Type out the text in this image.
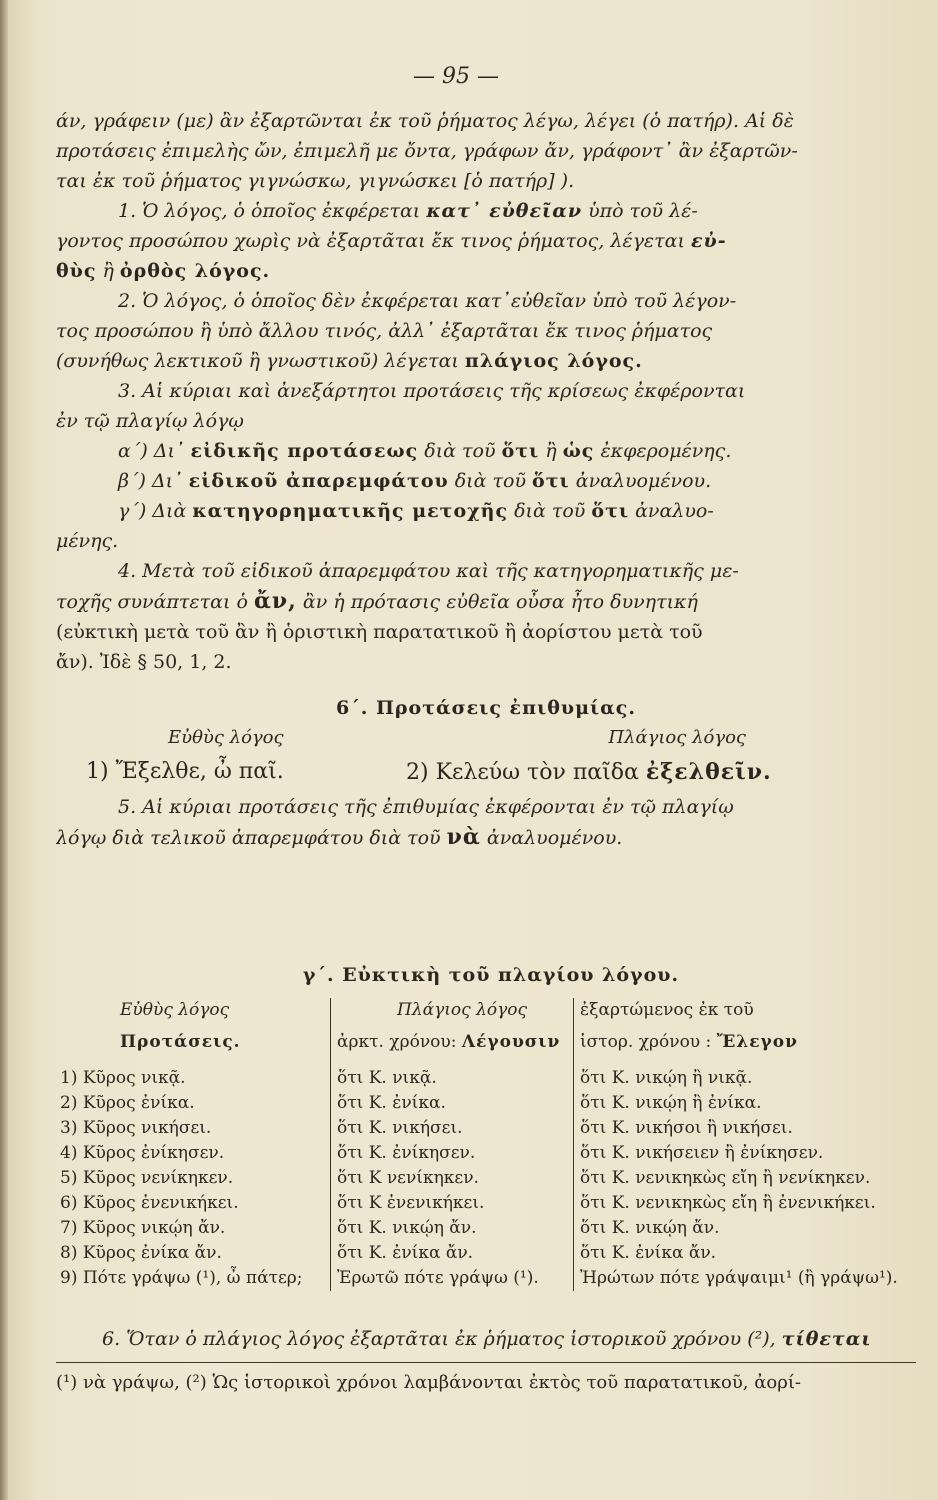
— 95 —
άν, γράφειν (με) ἂν ἐξαρτῶνται ἐκ τοῦ ῥήματος λέγω, λέγει (ὁ πατήρ). Αἱ δὲ
προτάσεις ἐπιμελὴς ὤν, ἐπιμελῆ με ὄντα, γράφων ἄν, γράφοντ᾿ ἂν ἐξαρτῶν-
ται ἐκ τοῦ ῥήματος γιγνώσκω, γιγνώσκει [ὁ πατήρ] ).
1. Ὁ λόγος, ὁ ὁποῖος ἐκφέρεται κατ᾿ εὐθεῖαν ὑπὸ τοῦ λέ-
γοντος προσώπου χωρὶς νὰ ἐξαρτᾶται ἔκ τινος ῥήματος, λέγεται εὐ-
θὺς ἢ ὀρθὸς λόγος.
2. Ὁ λόγος, ὁ ὁποῖος δὲν ἐκφέρεται κατ᾿εὐθεῖαν ὑπὸ τοῦ λέγον-
τος προσώπου ἢ ὑπὸ ἄλλου τινός, ἀλλ᾿ ἐξαρτᾶται ἔκ τινος ῥήματος
(συνήθως λεκτικοῦ ἢ γνωστικοῦ) λέγεται πλάγιος λόγος.
3. Αἱ κύριαι καὶ ἀνεξάρτητοι προτάσεις τῆς κρίσεως ἐκφέρονται
ἐν τῷ πλαγίῳ λόγῳ
α΄) Δι᾿ εἰδικῆς προτάσεως διὰ τοῦ ὅτι ἢ ὡς ἐκφερομένης.
β΄) Δι᾿ εἰδικοῦ ἀπαρεμφάτου διὰ τοῦ ὅτι ἀναλυομένου.
γ΄) Διὰ κατηγορηματικῆς μετοχῆς διὰ τοῦ ὅτι ἀναλυο-
μένης.
4. Μετὰ τοῦ εἰδικοῦ ἀπαρεμφάτου καὶ τῆς κατηγορηματικῆς με-
τοχῆς συνάπτεται ὁ ἄν, ἂν ἡ πρότασις εὐθεῖα οὖσα ἦτο δυνητική
(εὐκτικὴ μετὰ τοῦ ἂν ἢ ὁριστικὴ παρατατικοῦ ἢ ἀορίστου μετὰ τοῦ
ἄν). Ἰδὲ § 50, 1, 2.
6΄. Προτάσεις ἐπιθυμίας.
Εὐθὺς λόγος	Πλάγιος λόγος
1) Ἔξελθε, ὦ παῖ.	2) Κελεύω τὸν παῖδα ἐξελθεῖν.
5. Αἱ κύριαι προτάσεις τῆς ἐπιθυμίας ἐκφέρονται ἐν τῷ πλαγίῳ
λόγῳ διὰ τελικοῦ ἀπαρεμφάτου διὰ τοῦ νὰ ἀναλυομένου.
γ΄. Εὐκτικὴ τοῦ πλαγίου λόγου.
Εὐθὺς λόγος
Προτάσεις.
1) Κῦρος νικᾷ.
2) Κῦρος ἐνίκα.
3) Κῦρος νικήσει.
4) Κῦρος ἐνίκησεν.
5) Κῦρος νενίκηκεν.
6) Κῦρος ἐνενικήκει.
7) Κῦρος νικῴη ἄν.
8) Κῦρος ἐνίκα ἄν.
9) Πότε γράψω (¹), ὦ πάτερ;
Πλάγιος λόγος
ἀρκτ. χρόνου: Λέγουσιν
ὅτι Κ. νικᾷ.
ὅτι Κ. ἐνίκα.
ὅτι Κ. νικήσει.
ὅτι Κ. ἐνίκησεν.
ὅτι Κ νενίκηκεν.
ὅτι Κ ἐνενικήκει.
ὅτι Κ. νικῴη ἄν.
ὅτι Κ. ἐνίκα ἄν.
Ἐρωτῶ πότε γράψω (¹).
ἐξαρτώμενος ἐκ τοῦ
ἱστορ. χρόνου : Ἔλεγον
ὅτι Κ. νικῴη ἢ νικᾷ.
ὅτι Κ. νικῴη ἢ ἐνίκα.
ὅτι Κ. νικήσοι ἢ νικήσει.
ὅτι Κ. νικήσειεν ἢ ἐνίκησεν.
ὅτι Κ. νενικηκὼς εἴη ἢ νενίκηκεν.
ὅτι Κ. νενικηκὼς εἴη ἢ ἐνενικήκει.
ὅτι Κ. νικῴη ἄν.
ὅτι Κ. ἐνίκα ἄν.
Ἠρώτων πότε γράψαιμι¹ (ἢ γράψω¹).
6. Ὅταν ὁ πλάγιος λόγος ἐξαρτᾶται ἐκ ῥήματος ἱστορικοῦ χρόνου (²), τίθεται
(¹) νὰ γράψω, (²) Ὡς ἱστορικοὶ χρόνοι λαμβάνονται ἐκτὸς τοῦ παρατατικοῦ, ἀορί-
